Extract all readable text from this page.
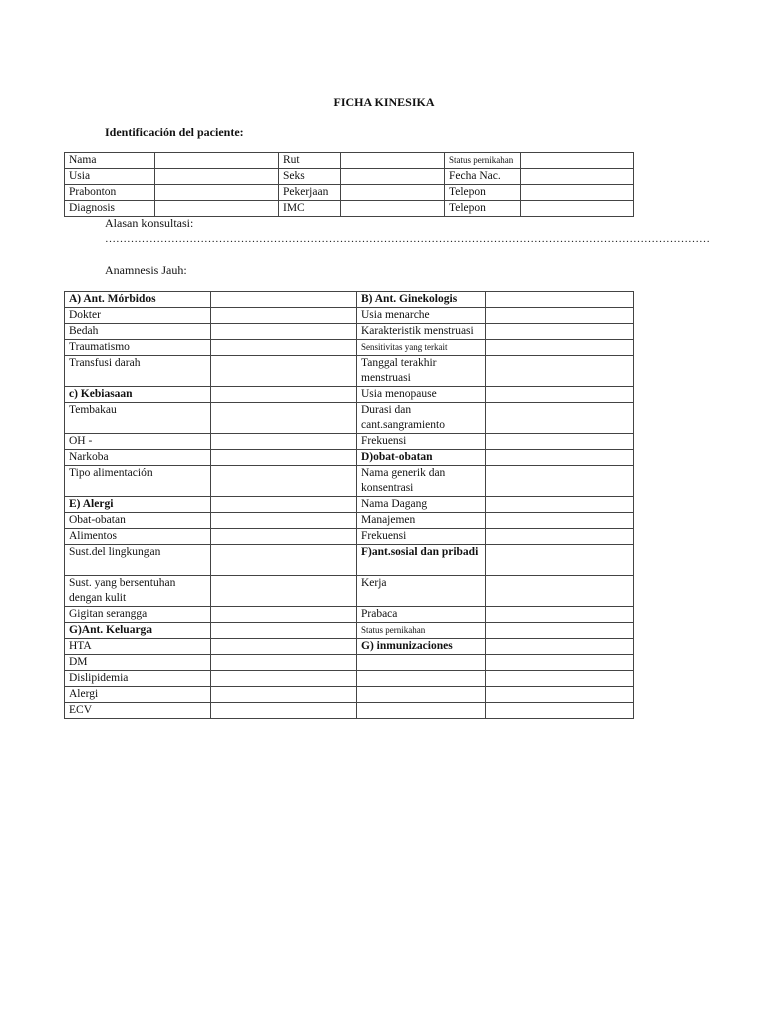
FICHA KINESIKA
Identificación del paciente:
Nama		Rut		Status pernikahan	
Usia		Seks		Fecha Nac.	
Prabonton		Pekerjaan		Telepon	
Diagnosis		IMC		Telepon	
Alasan konsultasi:
…………………………………………………………………………………………………………………………………………………
Anamnesis Jauh:
A) Ant. Mórbidos		B) Ant. Ginekologis	
Dokter		Usia menarche	
Bedah		Karakteristik menstruasi	
Traumatismo		Sensitivitas yang terkait	
Transfusi darah		Tanggal terakhir menstruasi	
c) Kebiasaan		Usia menopause	
Tembakau		Durasi dan cant.sangramiento	
OH -		Frekuensi	
Narkoba		D)obat-obatan	
Tipo alimentación		Nama generik dan konsentrasi	
E) Alergi		Nama Dagang	
Obat-obatan		Manajemen	
Alimentos		Frekuensi	
Sust.del lingkungan		F)ant.sosial dan pribadi	
Sust. yang bersentuhan dengan kulit		Kerja	
Gigitan serangga		Prabaca	
G)Ant. Keluarga		Status pernikahan	
HTA		G) inmunizaciones	
DM			
Dislipidemia			
Alergi			
ECV			
